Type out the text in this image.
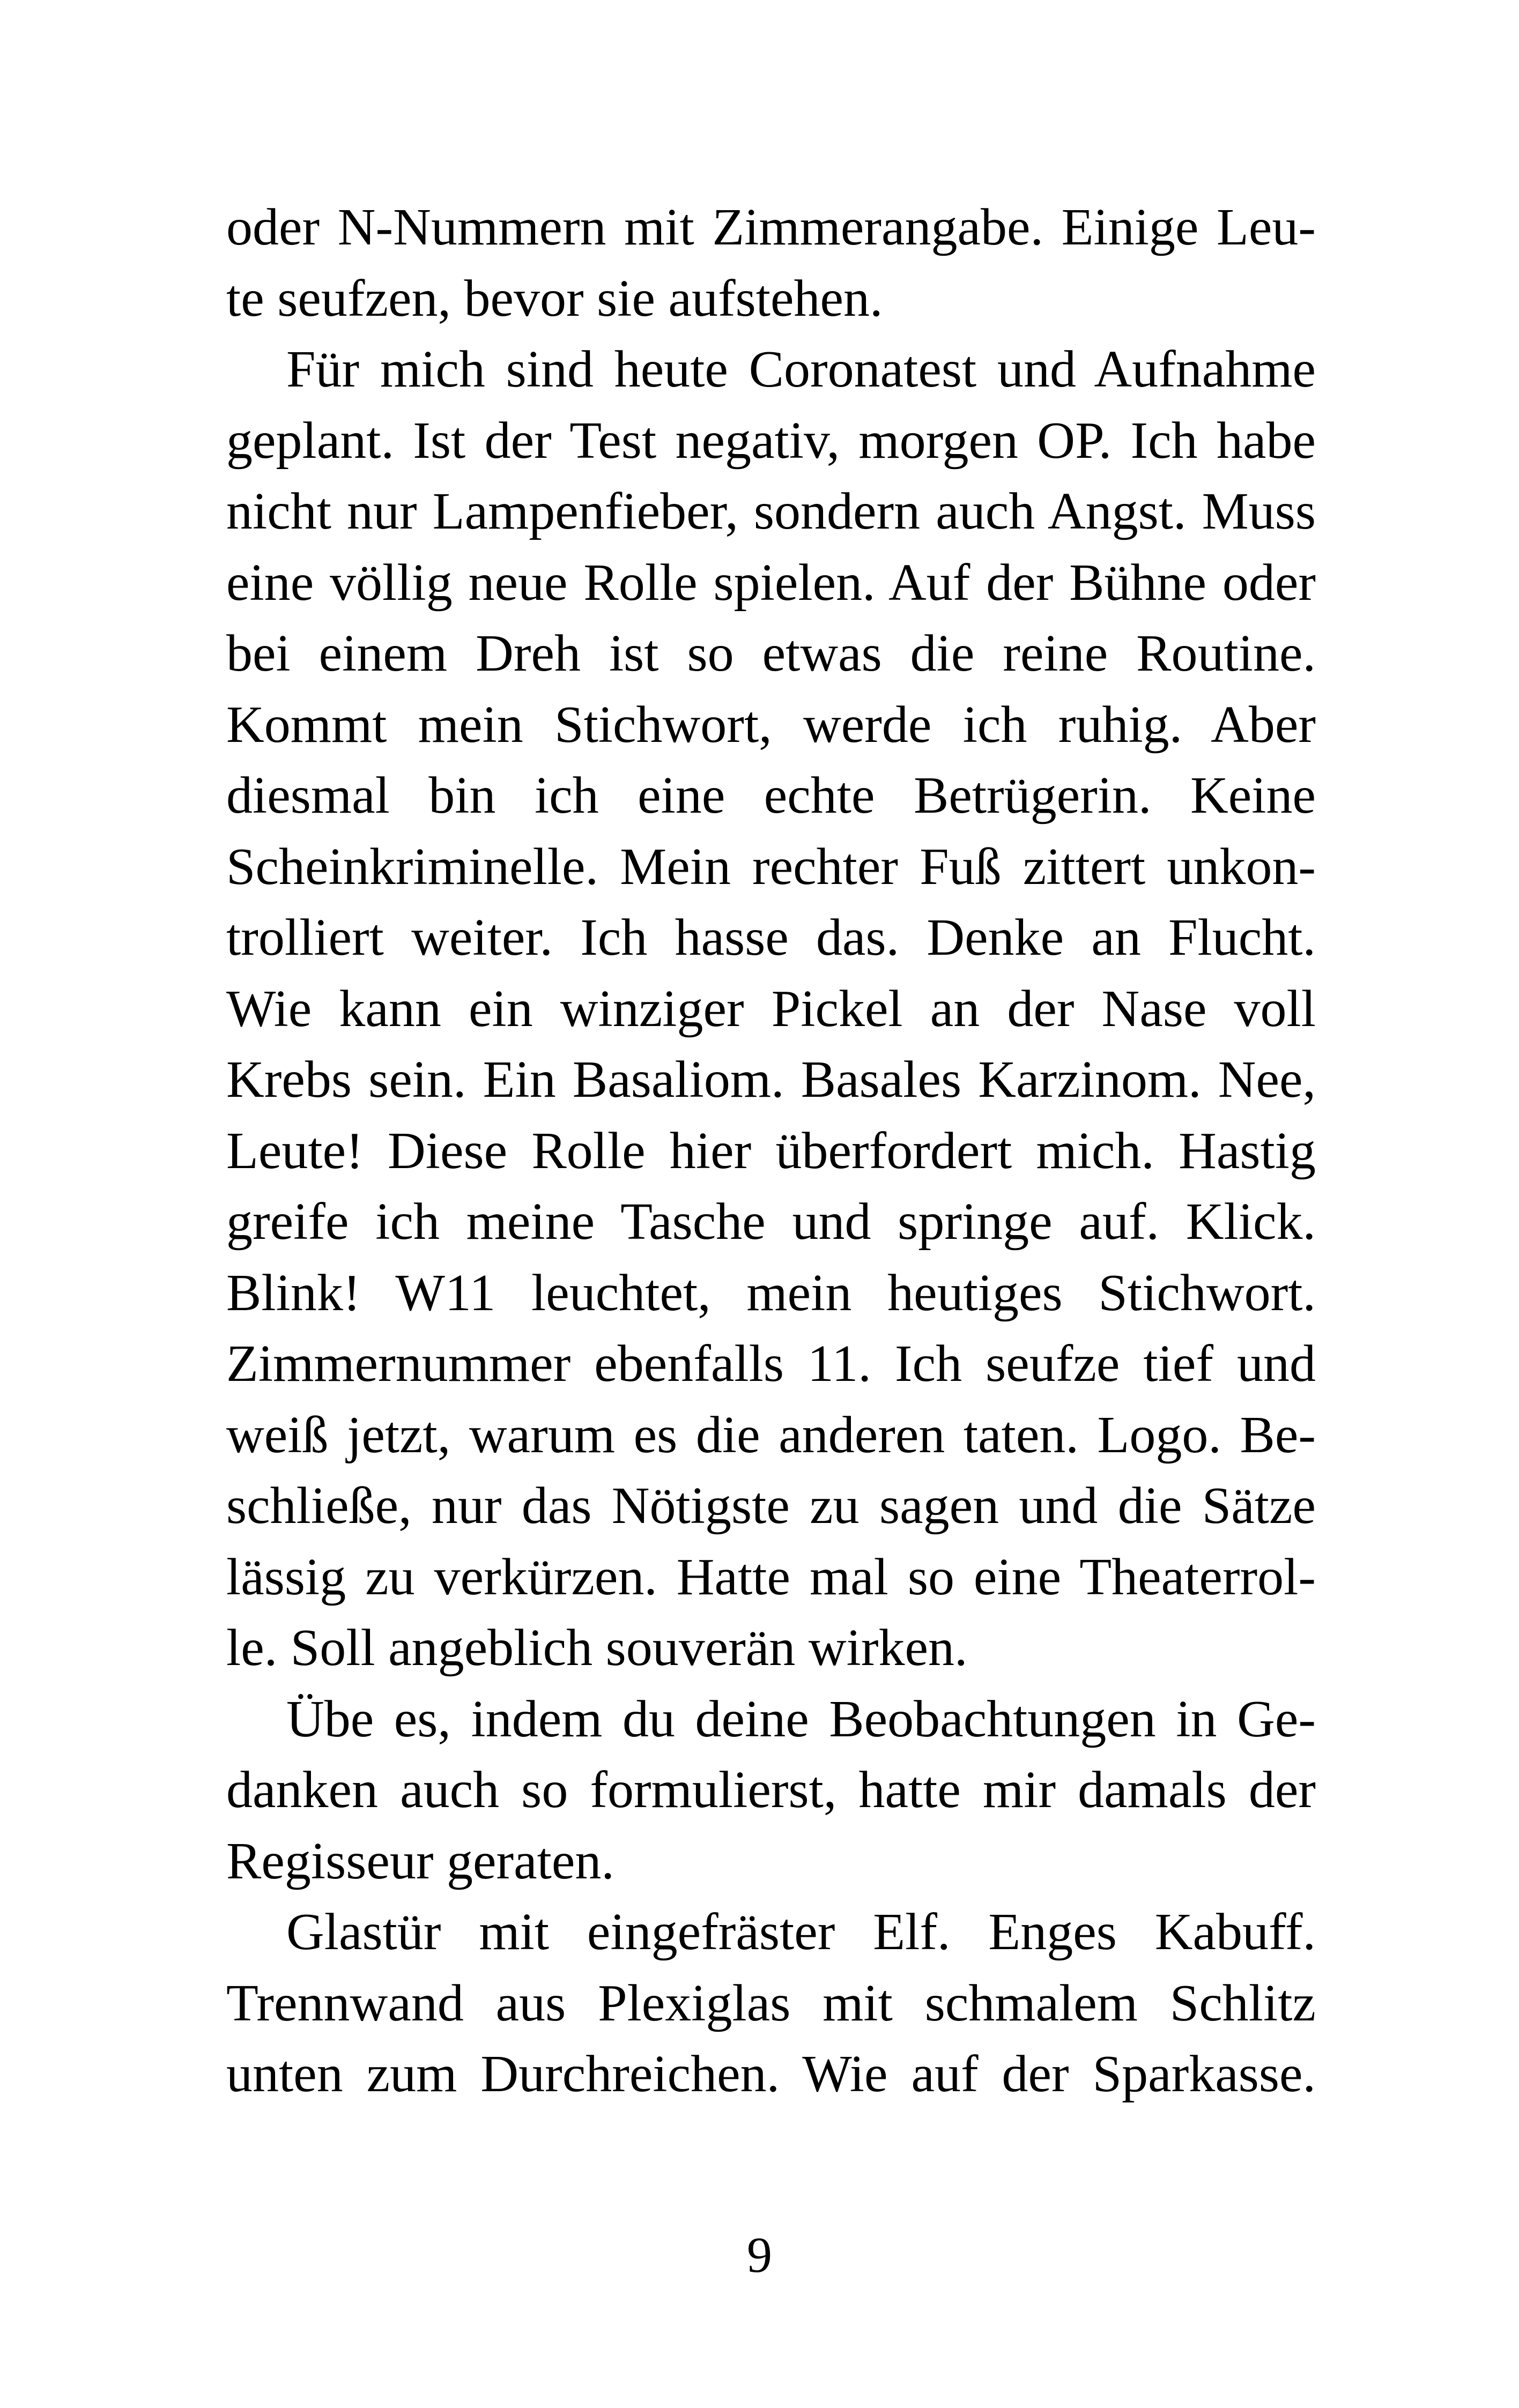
oder N-Nummern mit Zimmerangabe. Einige Leu-
te seufzen, bevor sie aufstehen.
Für mich sind heute Coronatest und Aufnahme
geplant. Ist der Test negativ, morgen OP. Ich habe
nicht nur Lampenfieber, sondern auch Angst. Muss
eine völlig neue Rolle spielen. Auf der Bühne oder
bei einem Dreh ist so etwas die reine Routine.
Kommt mein Stichwort, werde ich ruhig. Aber
diesmal bin ich eine echte Betrügerin. Keine
Scheinkriminelle. Mein rechter Fuß zittert unkon-
trolliert weiter. Ich hasse das. Denke an Flucht.
Wie kann ein winziger Pickel an der Nase voll
Krebs sein. Ein Basaliom. Basales Karzinom. Nee,
Leute! Diese Rolle hier überfordert mich. Hastig
greife ich meine Tasche und springe auf. Klick.
Blink! W11 leuchtet, mein heutiges Stichwort.
Zimmernummer ebenfalls 11. Ich seufze tief und
weiß jetzt, warum es die anderen taten. Logo. Be-
schließe, nur das Nötigste zu sagen und die Sätze
lässig zu verkürzen. Hatte mal so eine Theaterrol-
le. Soll angeblich souverän wirken.
Übe es, indem du deine Beobachtungen in Ge-
danken auch so formulierst, hatte mir damals der
Regisseur geraten.
Glastür mit eingefräster Elf. Enges Kabuff.
Trennwand aus Plexiglas mit schmalem Schlitz
unten zum Durchreichen. Wie auf der Sparkasse.
9
